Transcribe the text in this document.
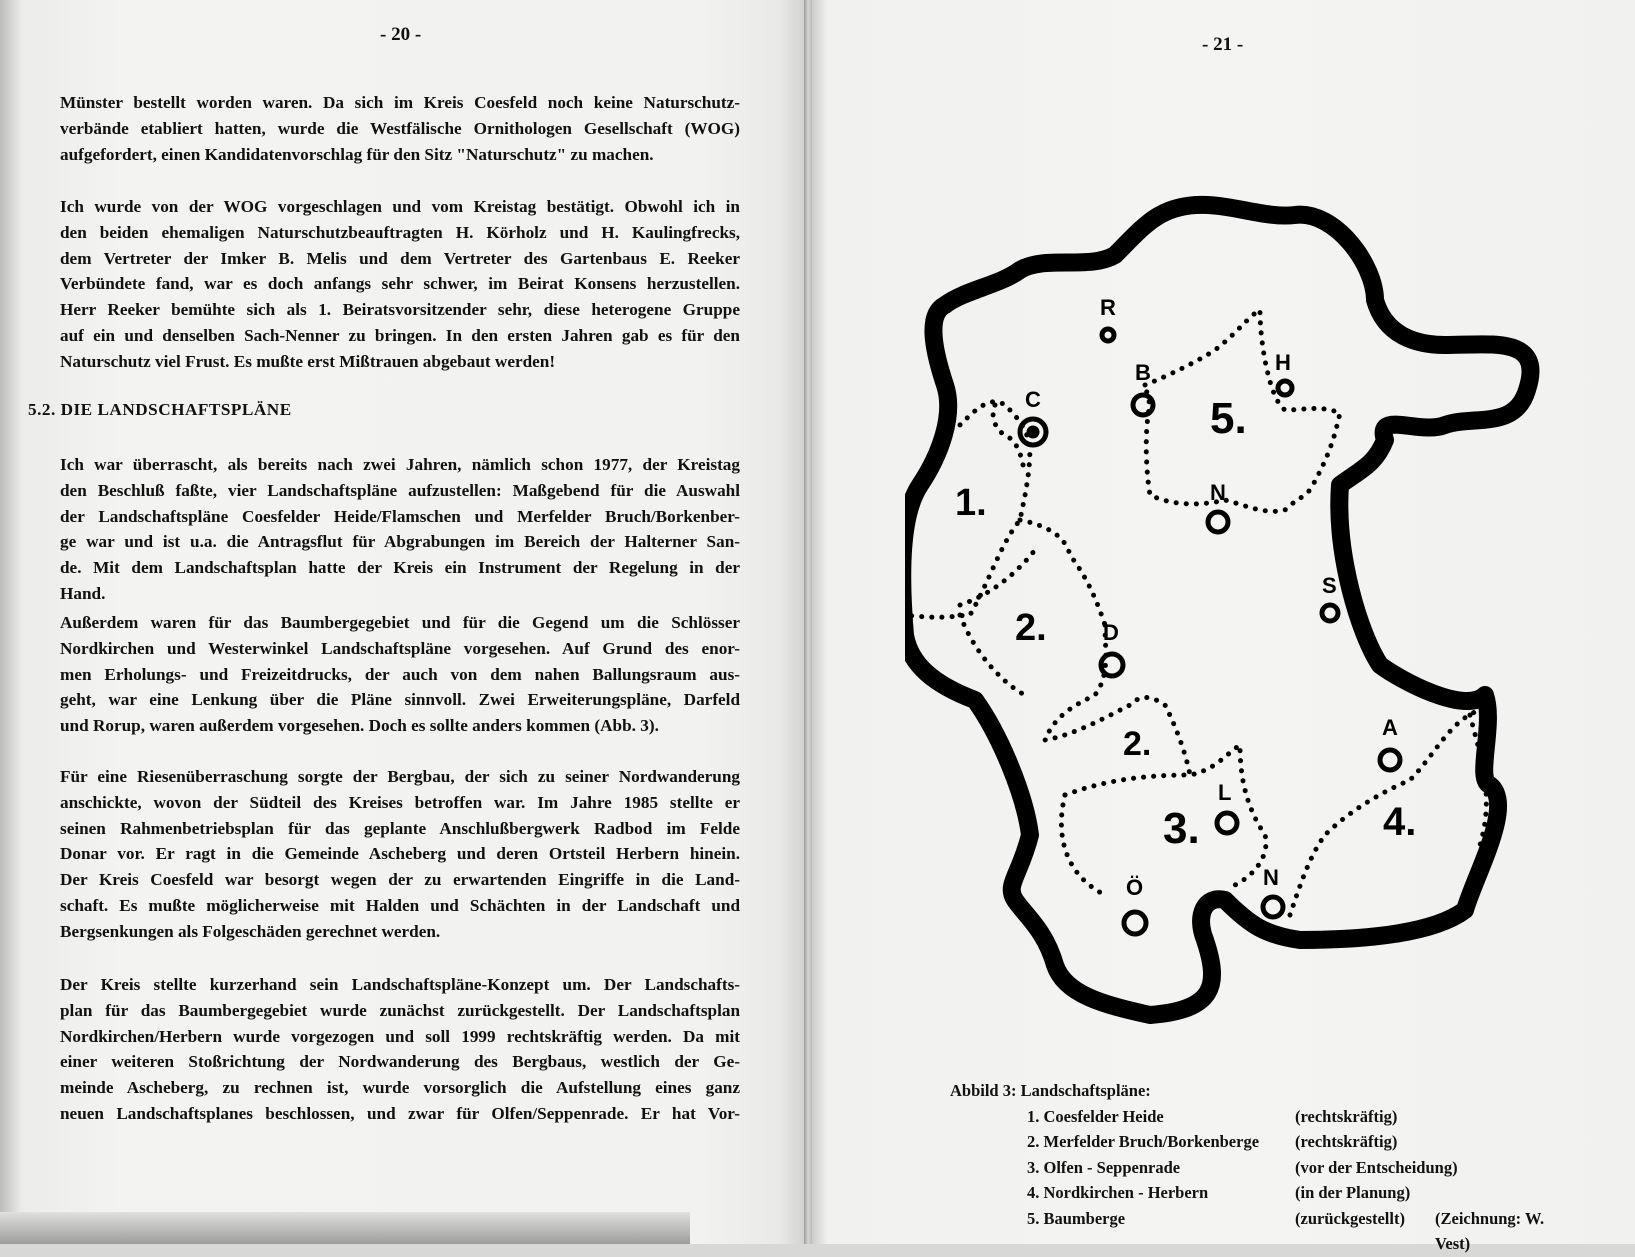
- 20 -	- 21 -
Münster bestellt worden waren. Da sich im Kreis Coesfeld noch keine Naturschutz-
verbände etabliert hatten, wurde die Westfälische Ornithologen Gesellschaft (WOG)
aufgefordert, einen Kandidatenvorschlag für den Sitz "Naturschutz" zu machen.
Ich wurde von der WOG vorgeschlagen und vom Kreistag bestätigt. Obwohl ich in
den beiden ehemaligen Naturschutzbeauftragten H. Körholz und H. Kaulingfrecks,
dem Vertreter der Imker B. Melis und dem Vertreter des Gartenbaus E. Reeker
Verbündete fand, war es doch anfangs sehr schwer, im Beirat Konsens herzustellen.
Herr Reeker bemühte sich als 1. Beiratsvorsitzender sehr, diese heterogene Gruppe
auf ein und denselben Sach-Nenner zu bringen. In den ersten Jahren gab es für den
Naturschutz viel Frust. Es mußte erst Mißtrauen abgebaut werden!
5.2. DIE LANDSCHAFTSPLÄNE
Ich war überrascht, als bereits nach zwei Jahren, nämlich schon 1977, der Kreistag
den Beschluß faßte, vier Landschaftspläne aufzustellen: Maßgebend für die Auswahl
der Landschaftspläne Coesfelder Heide/Flamschen und Merfelder Bruch/Borkenber-
ge war und ist u.a. die Antragsflut für Abgrabungen im Bereich der Halterner San-
de. Mit dem Landschaftsplan hatte der Kreis ein Instrument der Regelung in der
Hand.
Außerdem waren für das Baumbergegebiet und für die Gegend um die Schlösser
Nordkirchen und Westerwinkel Landschaftspläne vorgesehen. Auf Grund des enor-
men Erholungs- und Freizeitdrucks, der auch von dem nahen Ballungsraum aus-
geht, war eine Lenkung über die Pläne sinnvoll. Zwei Erweiterungspläne, Darfeld
und Rorup, waren außerdem vorgesehen. Doch es sollte anders kommen (Abb. 3).
Für eine Riesenüberraschung sorgte der Bergbau, der sich zu seiner Nordwanderung
anschickte, wovon der Südteil des Kreises betroffen war. Im Jahre 1985 stellte er
seinen Rahmenbetriebsplan für das geplante Anschlußbergwerk Radbod im Felde
Donar vor. Er ragt in die Gemeinde Ascheberg und deren Ortsteil Herbern hinein.
Der Kreis Coesfeld war besorgt wegen der zu erwartenden Eingriffe in die Land-
schaft. Es mußte möglicherweise mit Halden und Schächten in der Landschaft und
Bergsenkungen als Folgeschäden gerechnet werden.
Der Kreis stellte kurzerhand sein Landschaftspläne-Konzept um. Der Landschafts-
plan für das Baumbergegebiet wurde zunächst zurückgestellt. Der Landschaftsplan
Nordkirchen/Herbern wurde vorgezogen und soll 1999 rechtskräftig werden. Da mit
einer weiteren Stoßrichtung der Nordwanderung des Bergbaus, westlich der Ge-
meinde Ascheberg, zu rechnen ist, wurde vorsorglich die Aufstellung eines ganz
neuen Landschaftsplanes beschlossen, und zwar für Olfen/Seppenrade. Er hat Vor-
1.
2.
2.
3.	4.
5.
R
C
B	H
N
S
D
A
L
Ö	N
Abbild 3: Landschaftspläne:
1. Coesfelder Heide	(rechtskräftig)
2. Merfelder Bruch/Borkenberge (rechtskräftig)
3. Olfen - Seppenrade	(vor der Entscheidung)
4. Nordkirchen - Herbern	(in der Planung)
5. Baumberge	(zurückgestellt) (Zeichnung: W. Vest)
